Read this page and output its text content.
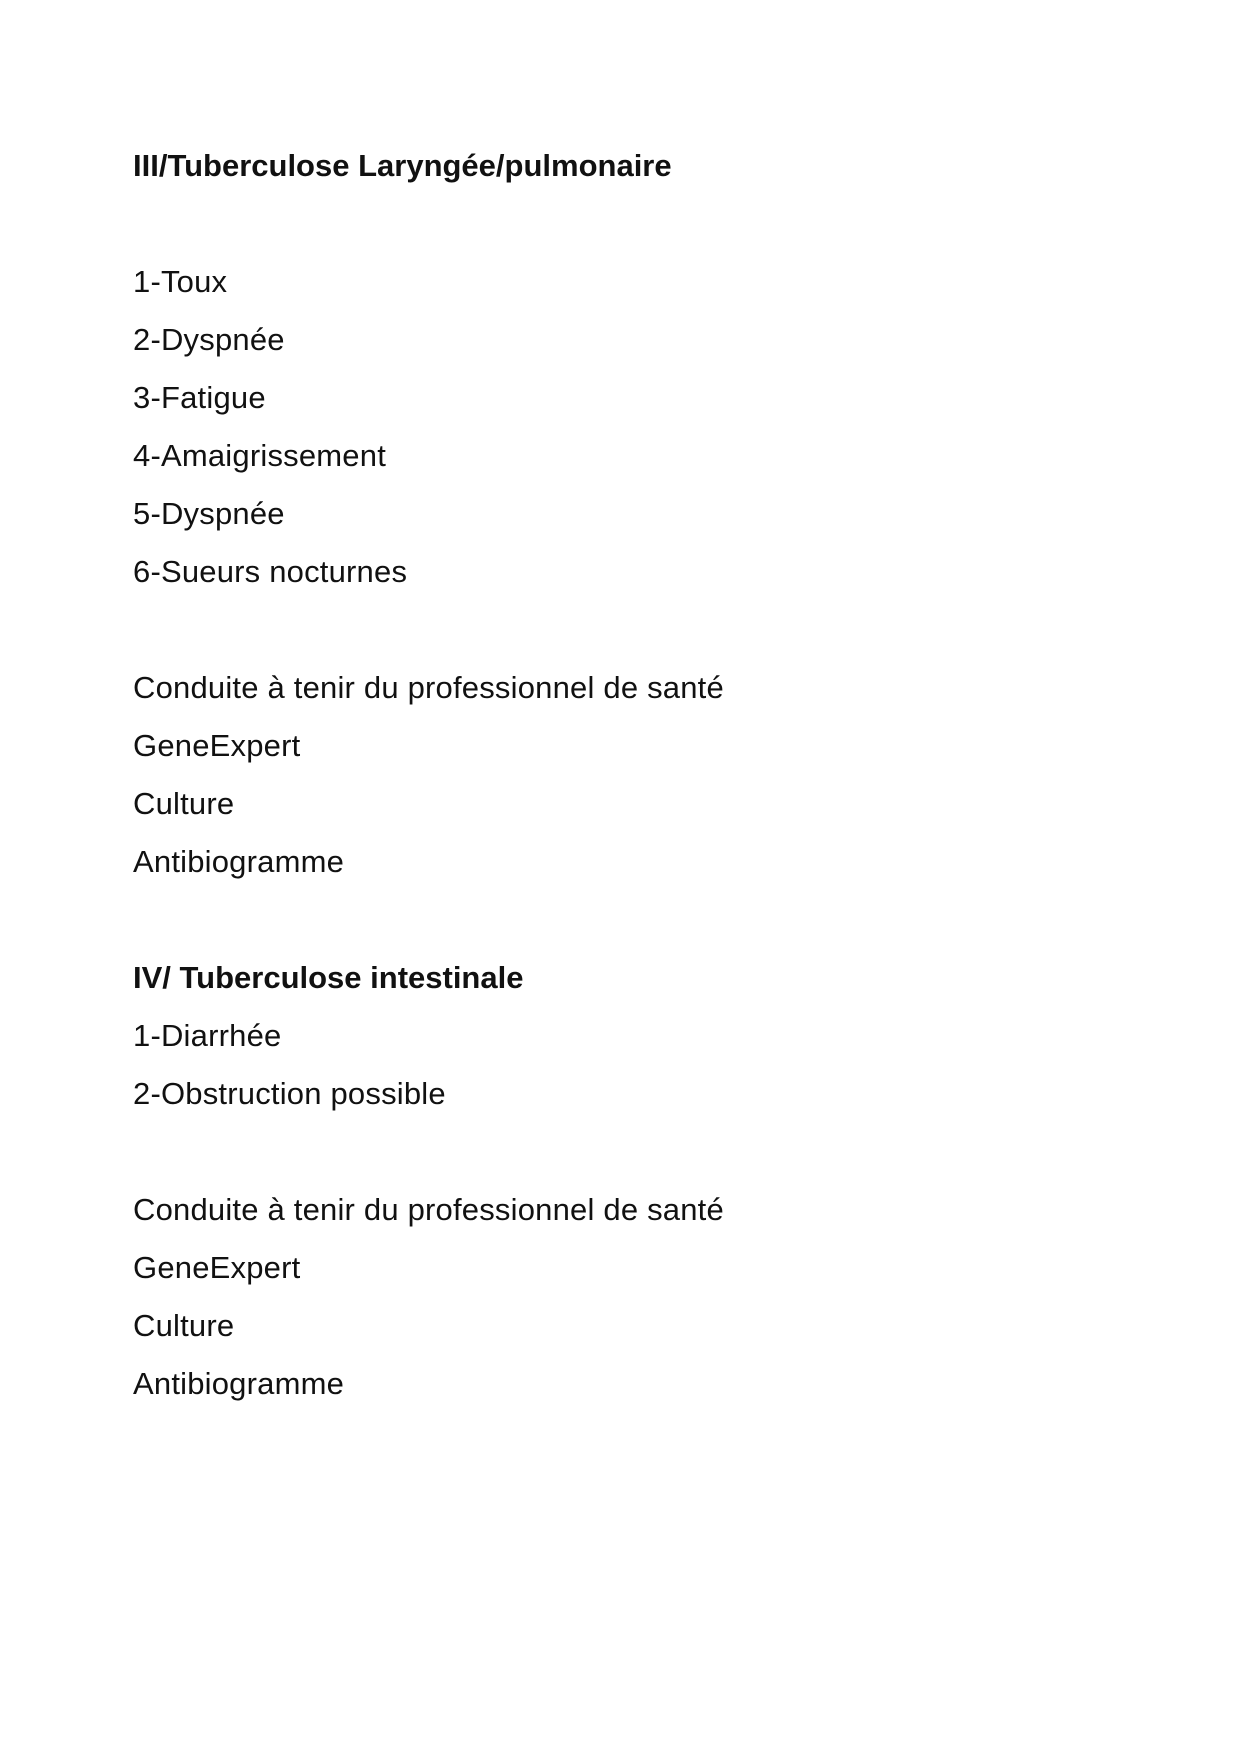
III/Tuberculose Laryngée/pulmonaire

1-Toux

2-Dyspnée

3-Fatigue

4-Amaigrissement

5-Dyspnée

6-Sueurs nocturnes

Conduite à tenir du professionnel de santé

GeneExpert

Culture

Antibiogramme

IV/ Tuberculose intestinale

1-Diarrhée

2-Obstruction possible

Conduite à tenir du professionnel de santé

GeneExpert

Culture

Antibiogramme
